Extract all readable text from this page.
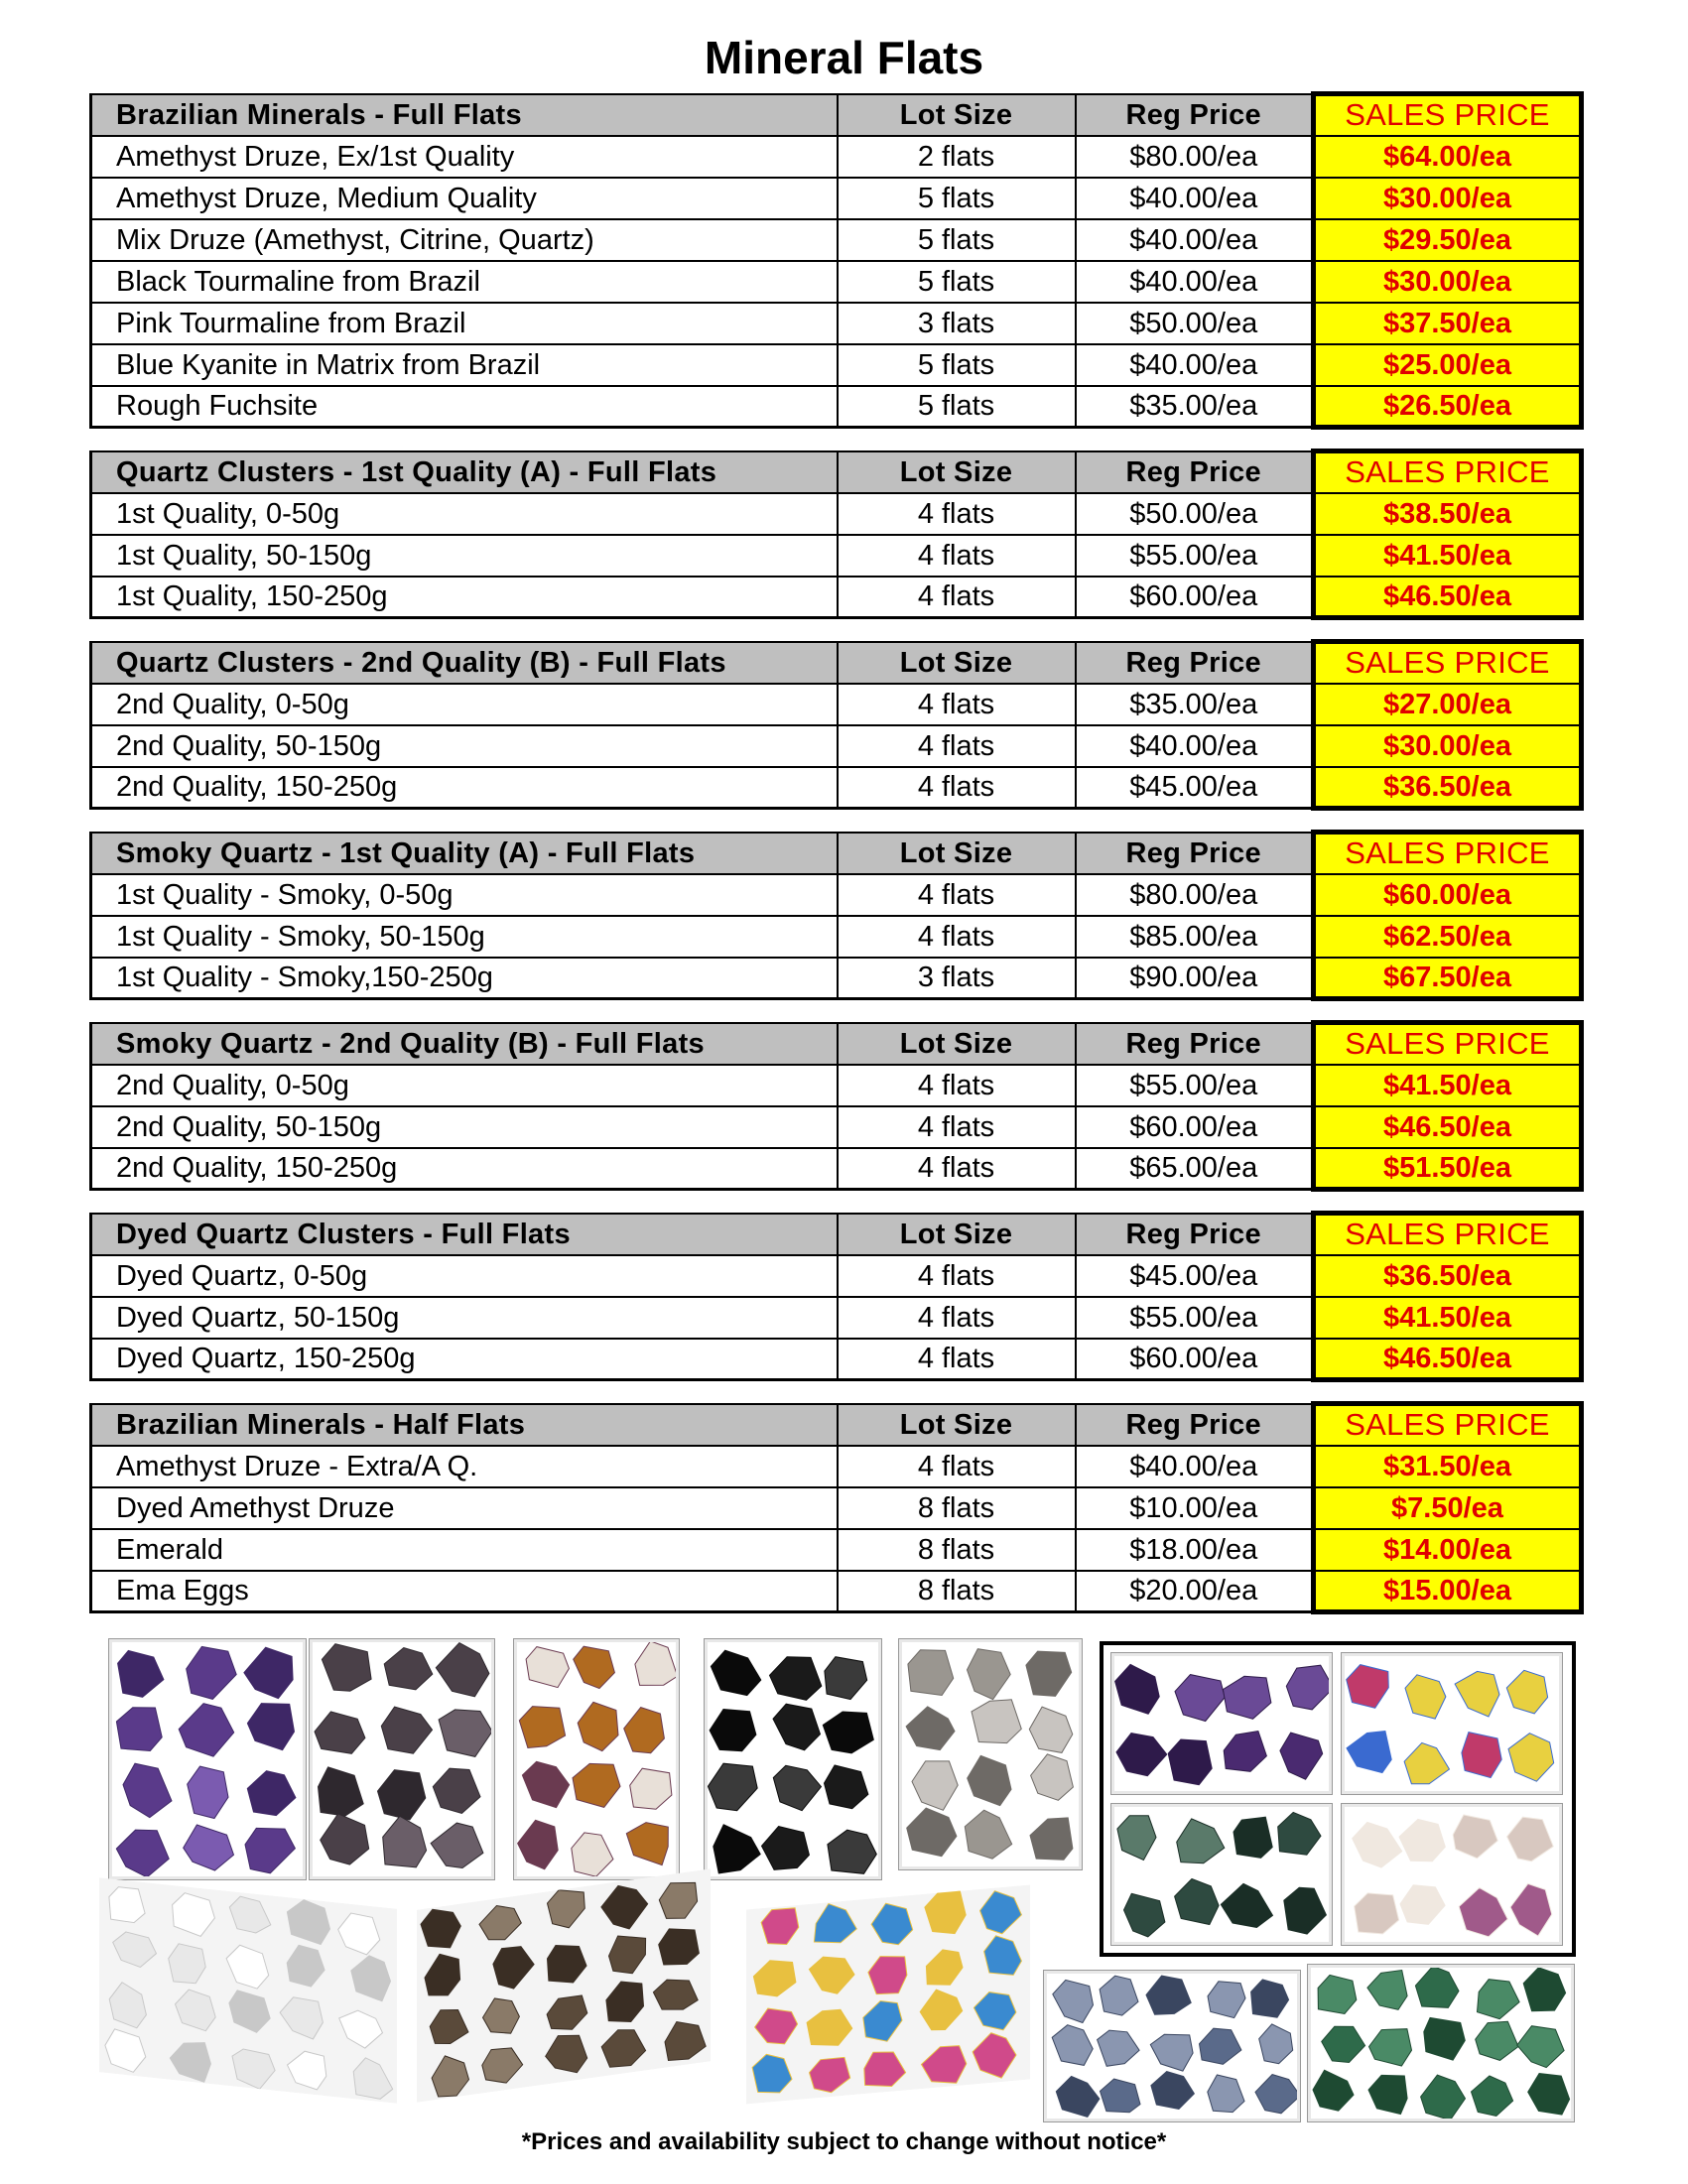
Mineral Flats
Brazilian Minerals - Full Flats	Lot Size	Reg Price	SALES PRICE
Amethyst Druze, Ex/1st Quality	2 flats	$80.00/ea	$64.00/ea
Amethyst Druze, Medium Quality	5 flats	$40.00/ea	$30.00/ea
Mix Druze (Amethyst, Citrine, Quartz)	5 flats	$40.00/ea	$29.50/ea
Black Tourmaline from Brazil	5 flats	$40.00/ea	$30.00/ea
Pink Tourmaline from Brazil	3 flats	$50.00/ea	$37.50/ea
Blue Kyanite in Matrix from Brazil	5 flats	$40.00/ea	$25.00/ea
Rough Fuchsite	5 flats	$35.00/ea	$26.50/ea
Quartz Clusters - 1st Quality (A) - Full Flats	Lot Size	Reg Price	SALES PRICE
1st Quality, 0-50g	4 flats	$50.00/ea	$38.50/ea
1st Quality, 50-150g	4 flats	$55.00/ea	$41.50/ea
1st Quality, 150-250g	4 flats	$60.00/ea	$46.50/ea
Quartz Clusters - 2nd Quality (B) - Full Flats	Lot Size	Reg Price	SALES PRICE
2nd Quality, 0-50g	4 flats	$35.00/ea	$27.00/ea
2nd Quality, 50-150g	4 flats	$40.00/ea	$30.00/ea
2nd Quality, 150-250g	4 flats	$45.00/ea	$36.50/ea
Smoky Quartz - 1st Quality (A) - Full Flats	Lot Size	Reg Price	SALES PRICE
1st Quality - Smoky, 0-50g	4 flats	$80.00/ea	$60.00/ea
1st Quality - Smoky, 50-150g	4 flats	$85.00/ea	$62.50/ea
1st Quality - Smoky,150-250g	3 flats	$90.00/ea	$67.50/ea
Smoky Quartz - 2nd Quality (B) - Full Flats	Lot Size	Reg Price	SALES PRICE
2nd Quality, 0-50g	4 flats	$55.00/ea	$41.50/ea
2nd Quality, 50-150g	4 flats	$60.00/ea	$46.50/ea
2nd Quality, 150-250g	4 flats	$65.00/ea	$51.50/ea
Dyed Quartz Clusters - Full Flats	Lot Size	Reg Price	SALES PRICE
Dyed Quartz, 0-50g	4 flats	$45.00/ea	$36.50/ea
Dyed Quartz, 50-150g	4 flats	$55.00/ea	$41.50/ea
Dyed Quartz, 150-250g	4 flats	$60.00/ea	$46.50/ea
Brazilian Minerals - Half Flats	Lot Size	Reg Price	SALES PRICE
Amethyst Druze - Extra/A Q.	4 flats	$40.00/ea	$31.50/ea
Dyed Amethyst Druze	8 flats	$10.00/ea	$7.50/ea
Emerald	8 flats	$18.00/ea	$14.00/ea
Ema Eggs	8 flats	$20.00/ea	$15.00/ea
*Prices and availability subject to change without notice*
